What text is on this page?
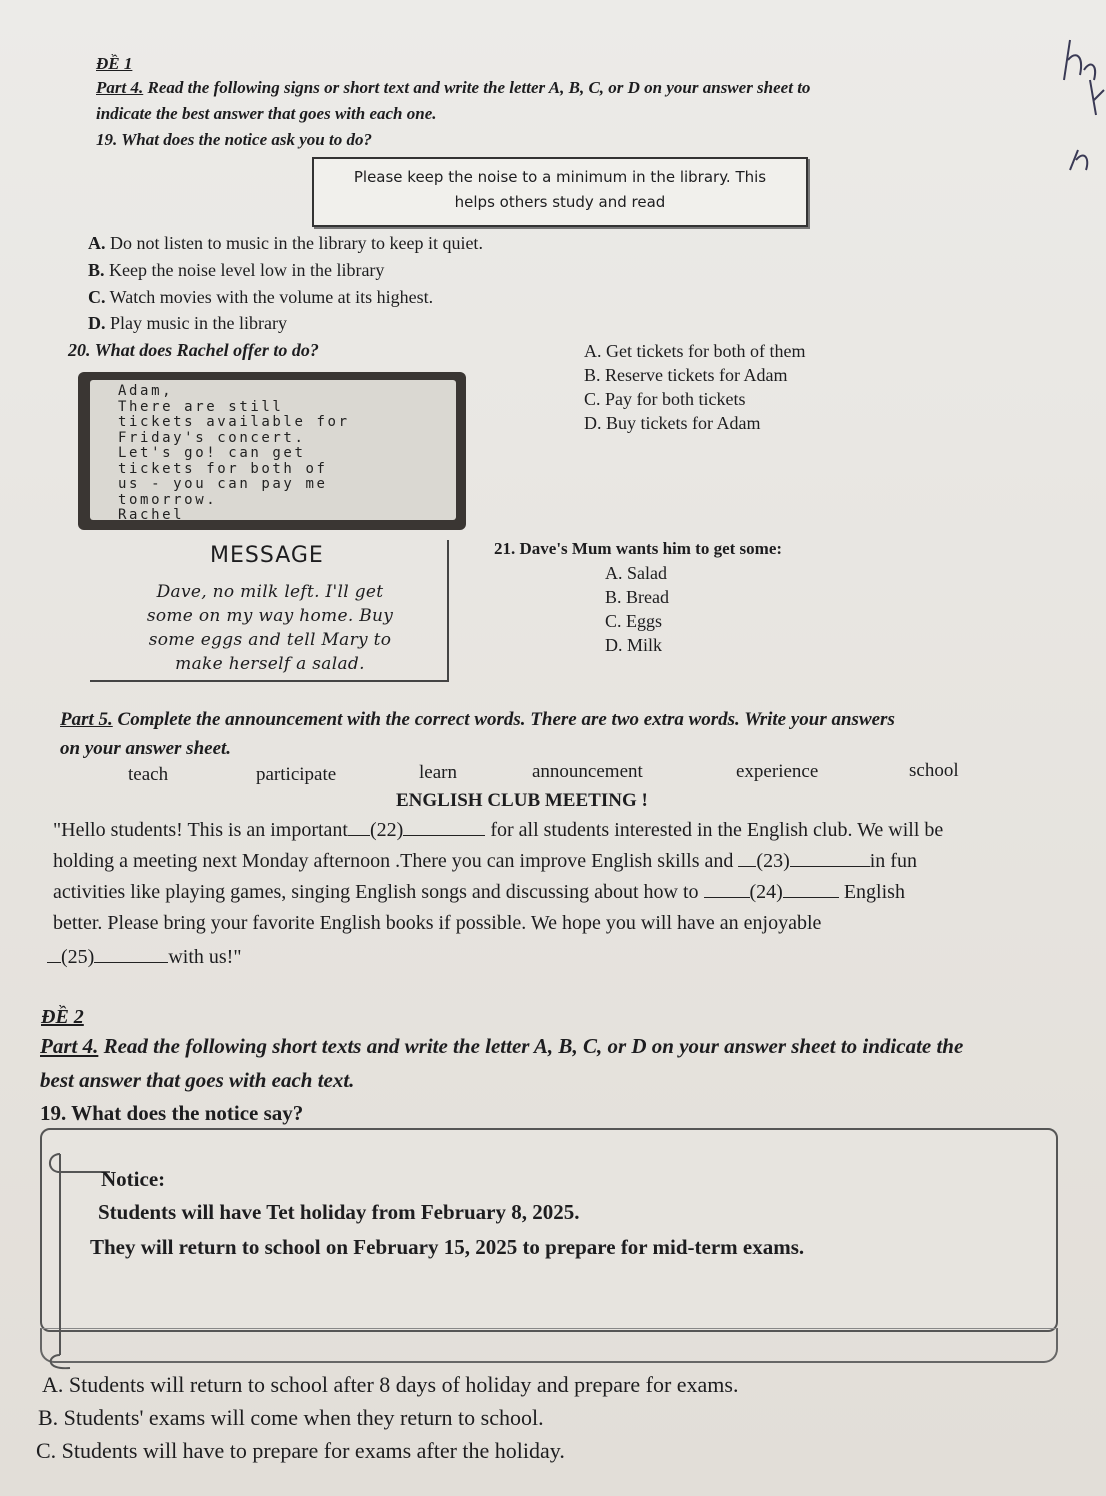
ĐỀ 1
Part 4. Read the following signs or short text and write the letter A, B, C, or D on your answer sheet to
indicate the best answer that goes with each one.
19. What does the notice ask you to do?
Please keep the noise to a minimum in the library. This
helps others study and read
A. Do not listen to music in the library to keep it quiet.
B. Keep the noise level low in the library
C. Watch movies with the volume at its highest.
D. Play music in the library
20. What does Rachel offer to do?
Adam,
There are still
tickets available for
Friday's concert.
Let's go! can get
tickets for both of
us - you can pay me
tomorrow.
Rachel
A. Get tickets for both of them
B. Reserve tickets for Adam
C. Pay for both tickets
D. Buy tickets for Adam
MESSAGE
Dave, no milk left. I'll get
some on my way home. Buy
some eggs and tell Mary to
make herself a salad.
21. Dave's Mum wants him to get some:
A. Salad
B. Bread
C. Eggs
D. Milk
Part 5. Complete the announcement with the correct words. There are two extra words. Write your answers
on your answer sheet.
teach	participate	learn	announcement	experience	school
ENGLISH CLUB MEETING !
"Hello students! This is an important (22)	for all students interested in the English club. We will be
holding a meeting next Monday afternoon .There you can improve English skills and (23)	in fun
activities like playing games, singing English songs and discussing about how to (24)	English
better. Please bring your favorite English books if possible. We hope you will have an enjoyable
(25)	with us!"
ĐỀ 2
Part 4. Read the following short texts and write the letter A, B, C, or D on your answer sheet to indicate the
best answer that goes with each text.
19. What does the notice say?
Notice:
Students will have Tet holiday from February 8, 2025.
They will return to school on February 15, 2025 to prepare for mid-term exams.
A. Students will return to school after 8 days of holiday and prepare for exams.
B. Students' exams will come when they return to school.
C. Students will have to prepare for exams after the holiday.
